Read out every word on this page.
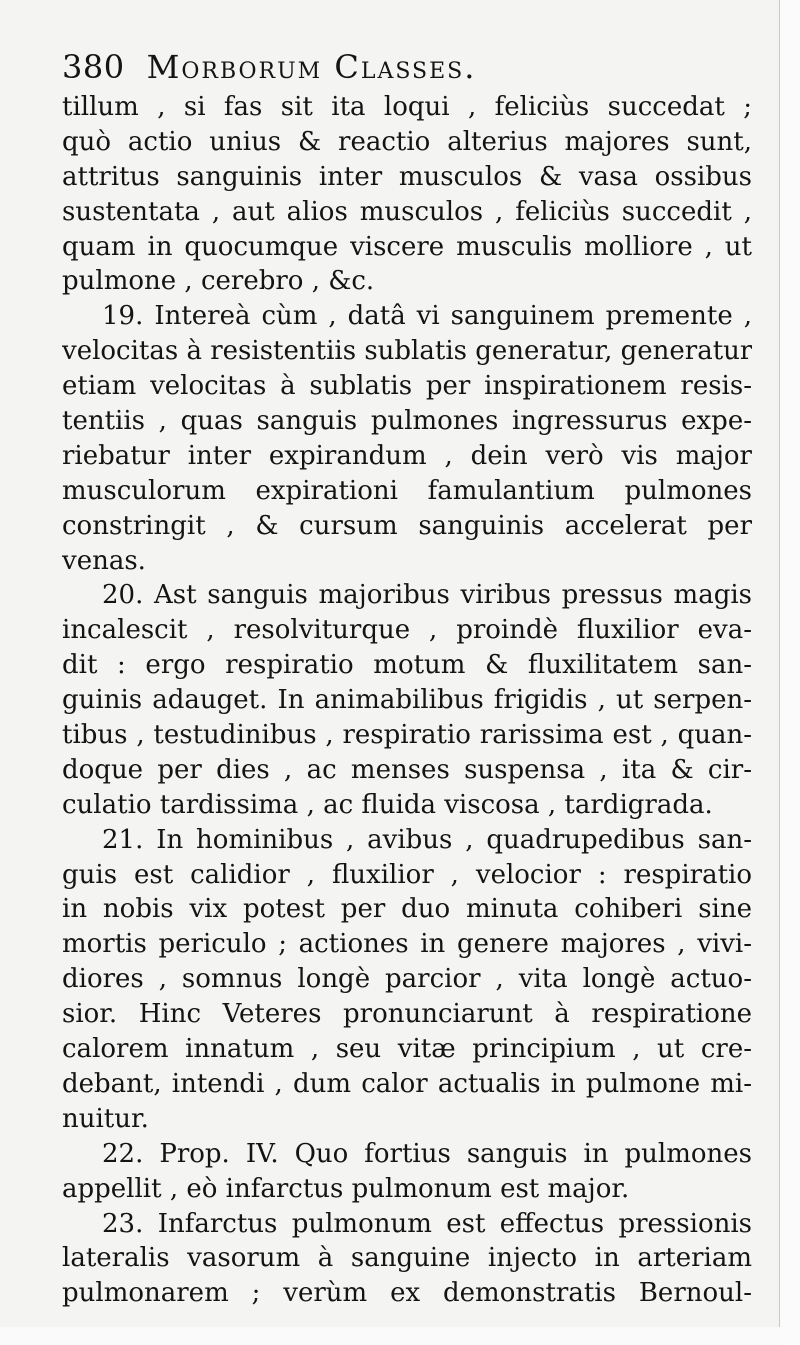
380 Morborum Classes.
tillum , si fas sit ita loqui , feliciùs succedat ;
quò actio unius & reactio alterius majores sunt,
attritus sanguinis inter musculos & vasa ossibus
sustentata , aut alios musculos , feliciùs succedit ,
quam in quocumque viscere musculis molliore , ut
pulmone , cerebro , &c.
19. Intereà cùm , datâ vi sanguinem premente ,
velocitas à resistentiis sublatis generatur, generatur
etiam velocitas à sublatis per inspirationem resis-
tentiis , quas sanguis pulmones ingressurus expe-
riebatur inter expirandum , dein verò vis major
musculorum expirationi famulantium pulmones
constringit , & cursum sanguinis accelerat per
venas.
20. Ast sanguis majoribus viribus pressus magis
incalescit , resolviturque , proindè fluxilior eva-
dit : ergo respiratio motum & fluxilitatem san-
guinis adauget. In animabilibus frigidis , ut serpen-
tibus , testudinibus , respiratio rarissima est , quan-
doque per dies , ac menses suspensa , ita & cir-
culatio tardissima , ac fluida viscosa , tardigrada.
21. In hominibus , avibus , quadrupedibus san-
guis est calidior , fluxilior , velocior : respiratio
in nobis vix potest per duo minuta cohiberi sine
mortis periculo ; actiones in genere majores , vivi-
diores , somnus longè parcior , vita longè actuo-
sior. Hinc Veteres pronunciarunt à respiratione
calorem innatum , seu vitæ principium , ut cre-
debant, intendi , dum calor actualis in pulmone mi-
nuitur.
22. Prop. IV. Quo fortius sanguis in pulmones
appellit , eò infarctus pulmonum est major.
23. Infarctus pulmonum est effectus pressionis
lateralis vasorum à sanguine injecto in arteriam
pulmonarem ; verùm ex demonstratis Bernoul-
